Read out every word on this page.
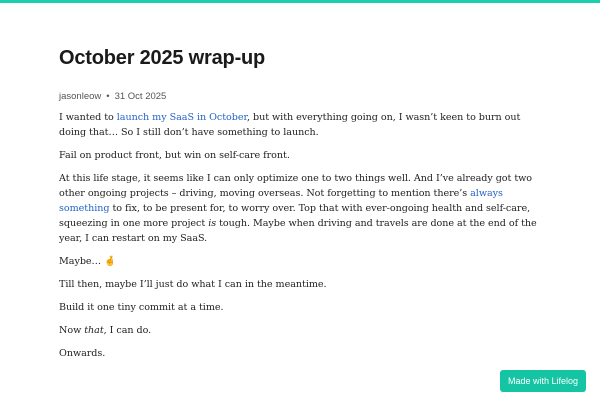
October 2025 wrap-up
jasonleow • 31 Oct 2025

I wanted to launch my SaaS in October, but with everything going on, I wasn’t keen to burn out doing that… So I still don’t have something to launch.

Fail on product front, but win on self-care front.

At this life stage, it seems like I can only optimize one to two things well. And I’ve already got two other ongoing projects – driving, moving overseas. Not forgetting to mention there’s always something to fix, to be present for, to worry over. Top that with ever-ongoing health and self-care, squeezing in one more project is tough. Maybe when driving and travels are done at the end of the year, I can restart on my SaaS.

Maybe… 🤞

Till then, maybe I’ll just do what I can in the meantime.

Build it one tiny commit at a time.

Now that, I can do.

Onwards.

Made with Lifelog
